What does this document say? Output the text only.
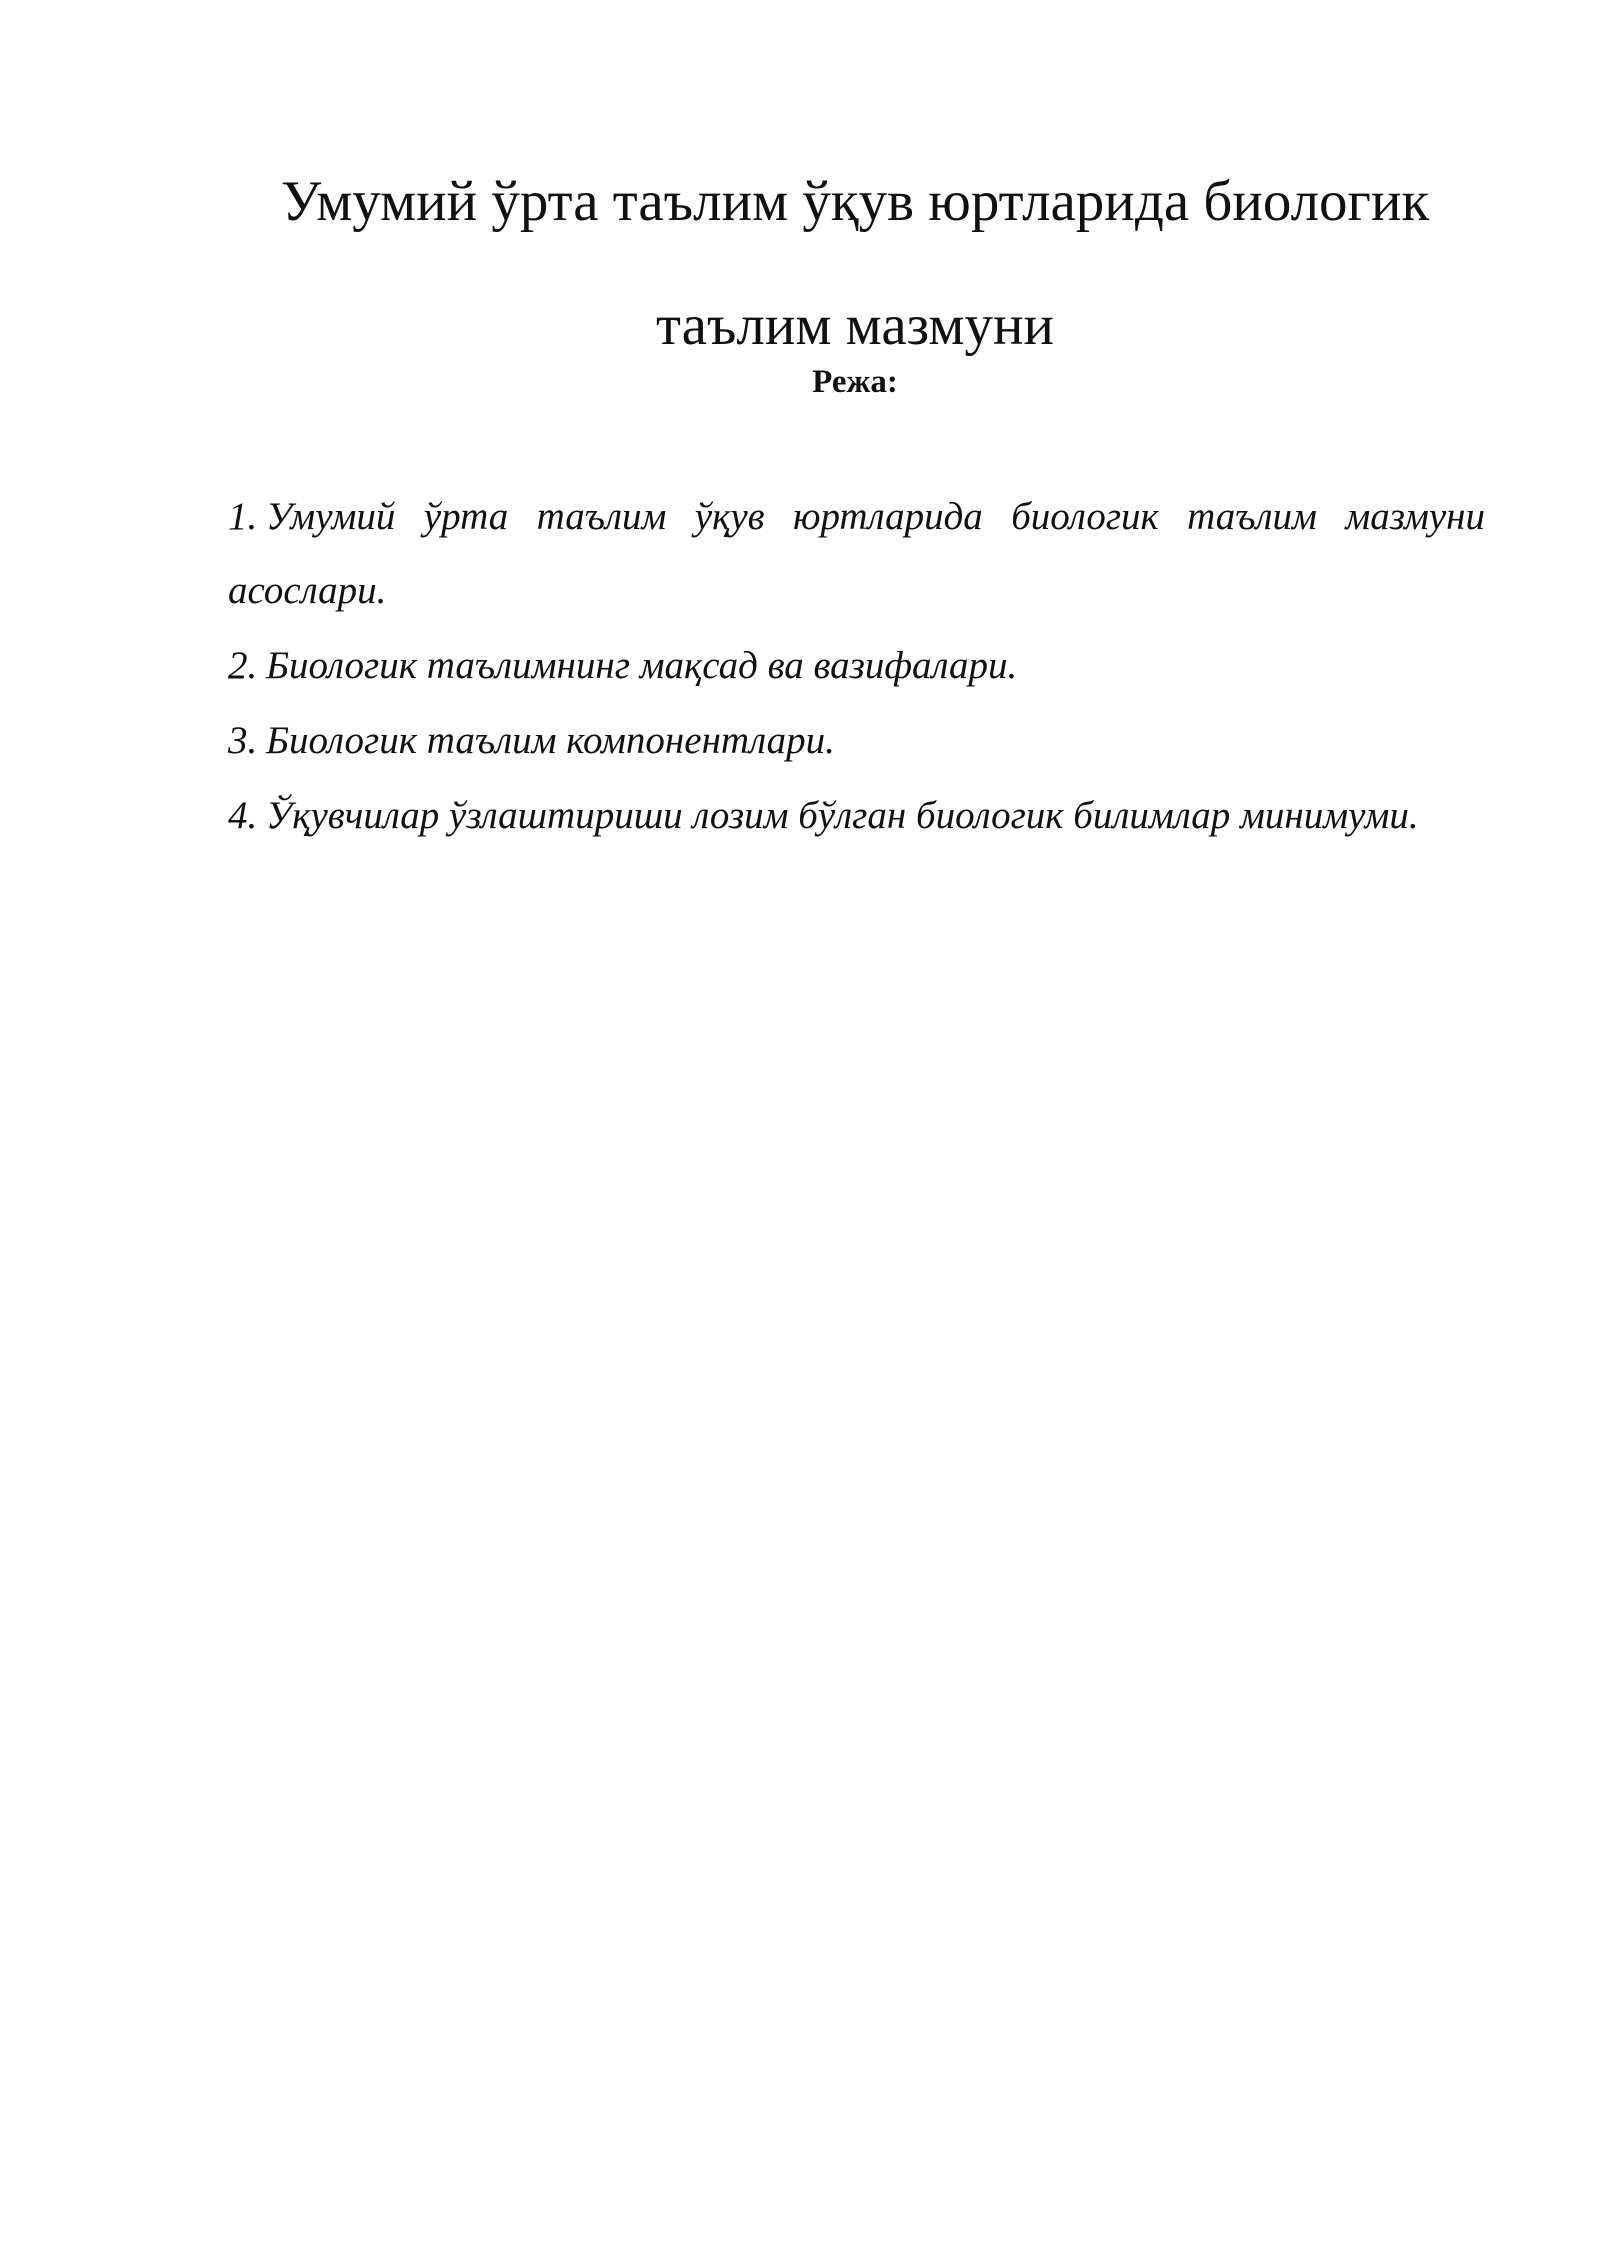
Умумий ўрта таълим ўқув юртларида биологик таълим мазмуни
Режа:
1. Умумий ўрта таълим ўқув юртларида биологик таълим мазмуни асослари.
2. Биологик таълимнинг мақсад ва вазифалари.
3. Биологик таълим компонентлари.
4. Ўқувчилар ўзлаштириши лозим бўлган биологик билимлар минимуми.
